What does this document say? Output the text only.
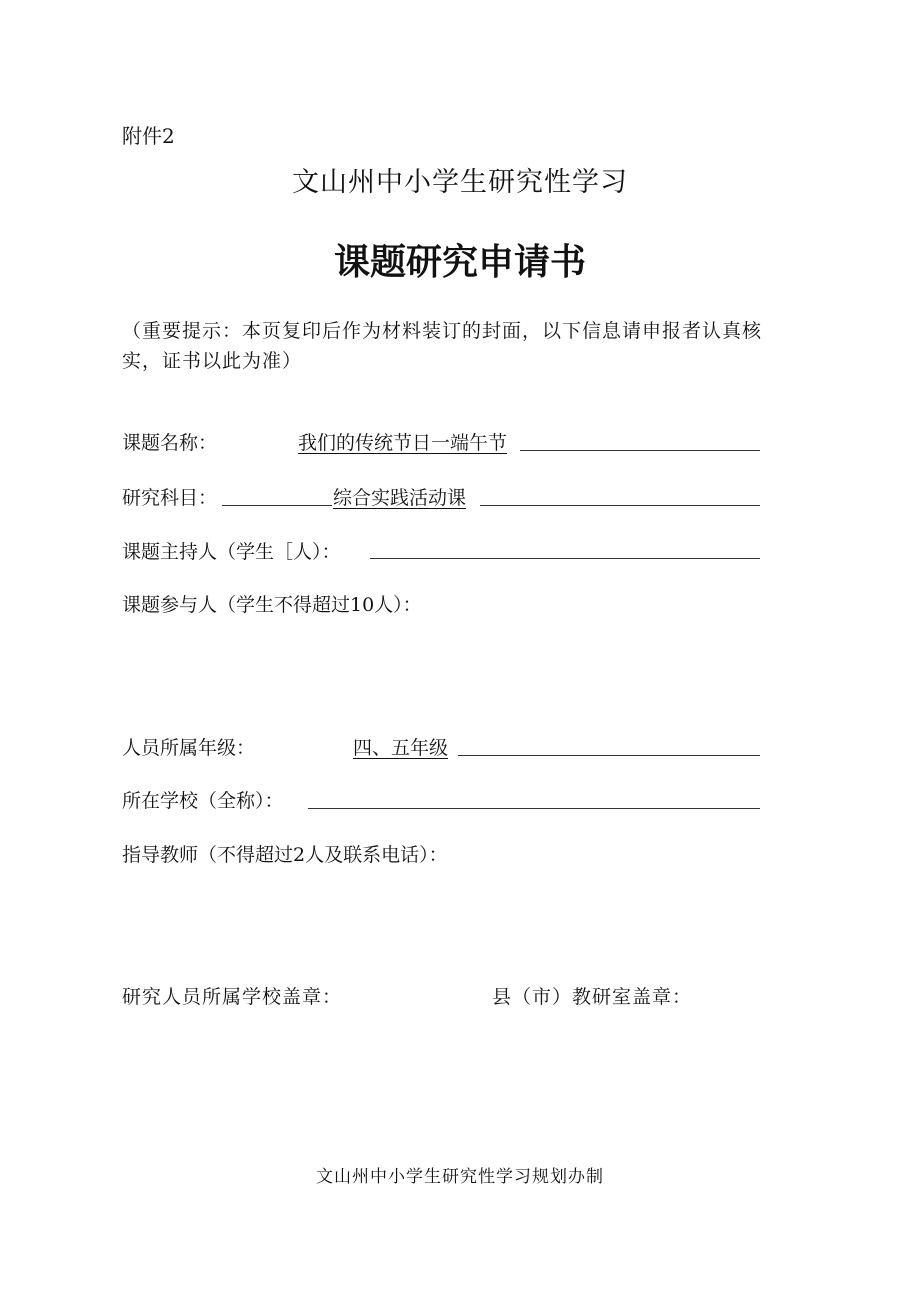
附件2
文山州中小学生研究性学习
课题研究申请书
（重要提示：本页复印后作为材料装订的封面，以下信息请申报者认真核实，证书以此为准）
课题名称：	我们的传统节日一端午节
研究科目：	综合实践活动课
课题主持人（学生［人）：
课题参与人（学生不得超过10人）：
人员所属年级：	四、五年级
所在学校（全称）：
指导教师（不得超过2人及联系电话）：
研究人员所属学校盖章：	县（市）教研室盖章：
文山州中小学生研究性学习规划办制
